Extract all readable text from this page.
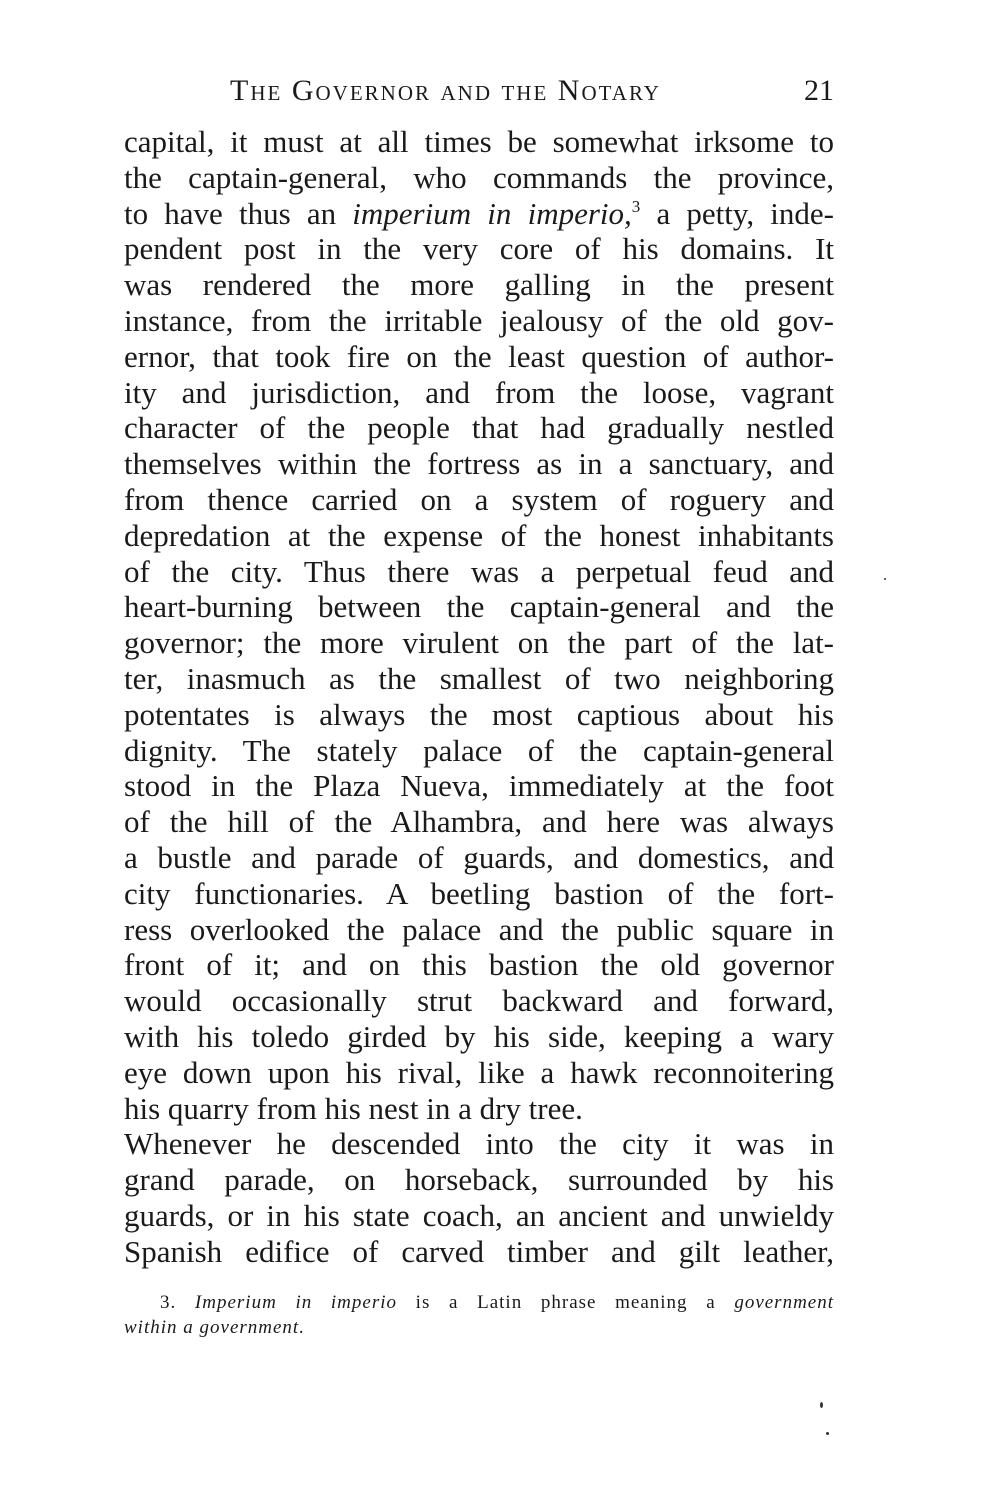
The Governor and the Notary	21
capital, it must at all times be somewhat irksome to
the captain-general, who commands the province,
to have thus an imperium in imperio,$^3$ a petty, inde-
pendent post in the very core of his domains. It
was rendered the more galling in the present
instance, from the irritable jealousy of the old gov-
ernor, that took fire on the least question of author-
ity and jurisdiction, and from the loose, vagrant
character of the people that had gradually nestled
themselves within the fortress as in a sanctuary, and
from thence carried on a system of roguery and
depredation at the expense of the honest inhabitants
of the city. Thus there was a perpetual feud and
heart-burning between the captain-general and the
governor; the more virulent on the part of the lat-
ter, inasmuch as the smallest of two neighboring
potentates is always the most captious about his
dignity. The stately palace of the captain-general
stood in the Plaza Nueva, immediately at the foot
of the hill of the Alhambra, and here was always
a bustle and parade of guards, and domestics, and
city functionaries. A beetling bastion of the fort-
ress overlooked the palace and the public square in
front of it; and on this bastion the old governor
would occasionally strut backward and forward,
with his toledo girded by his side, keeping a wary
eye down upon his rival, like a hawk reconnoitering
his quarry from his nest in a dry tree.
Whenever he descended into the city it was in
grand parade, on horseback, surrounded by his
guards, or in his state coach, an ancient and unwieldy
Spanish edifice of carved timber and gilt leather,
3. Imperium in imperio is a Latin phrase meaning a government
within a government.
